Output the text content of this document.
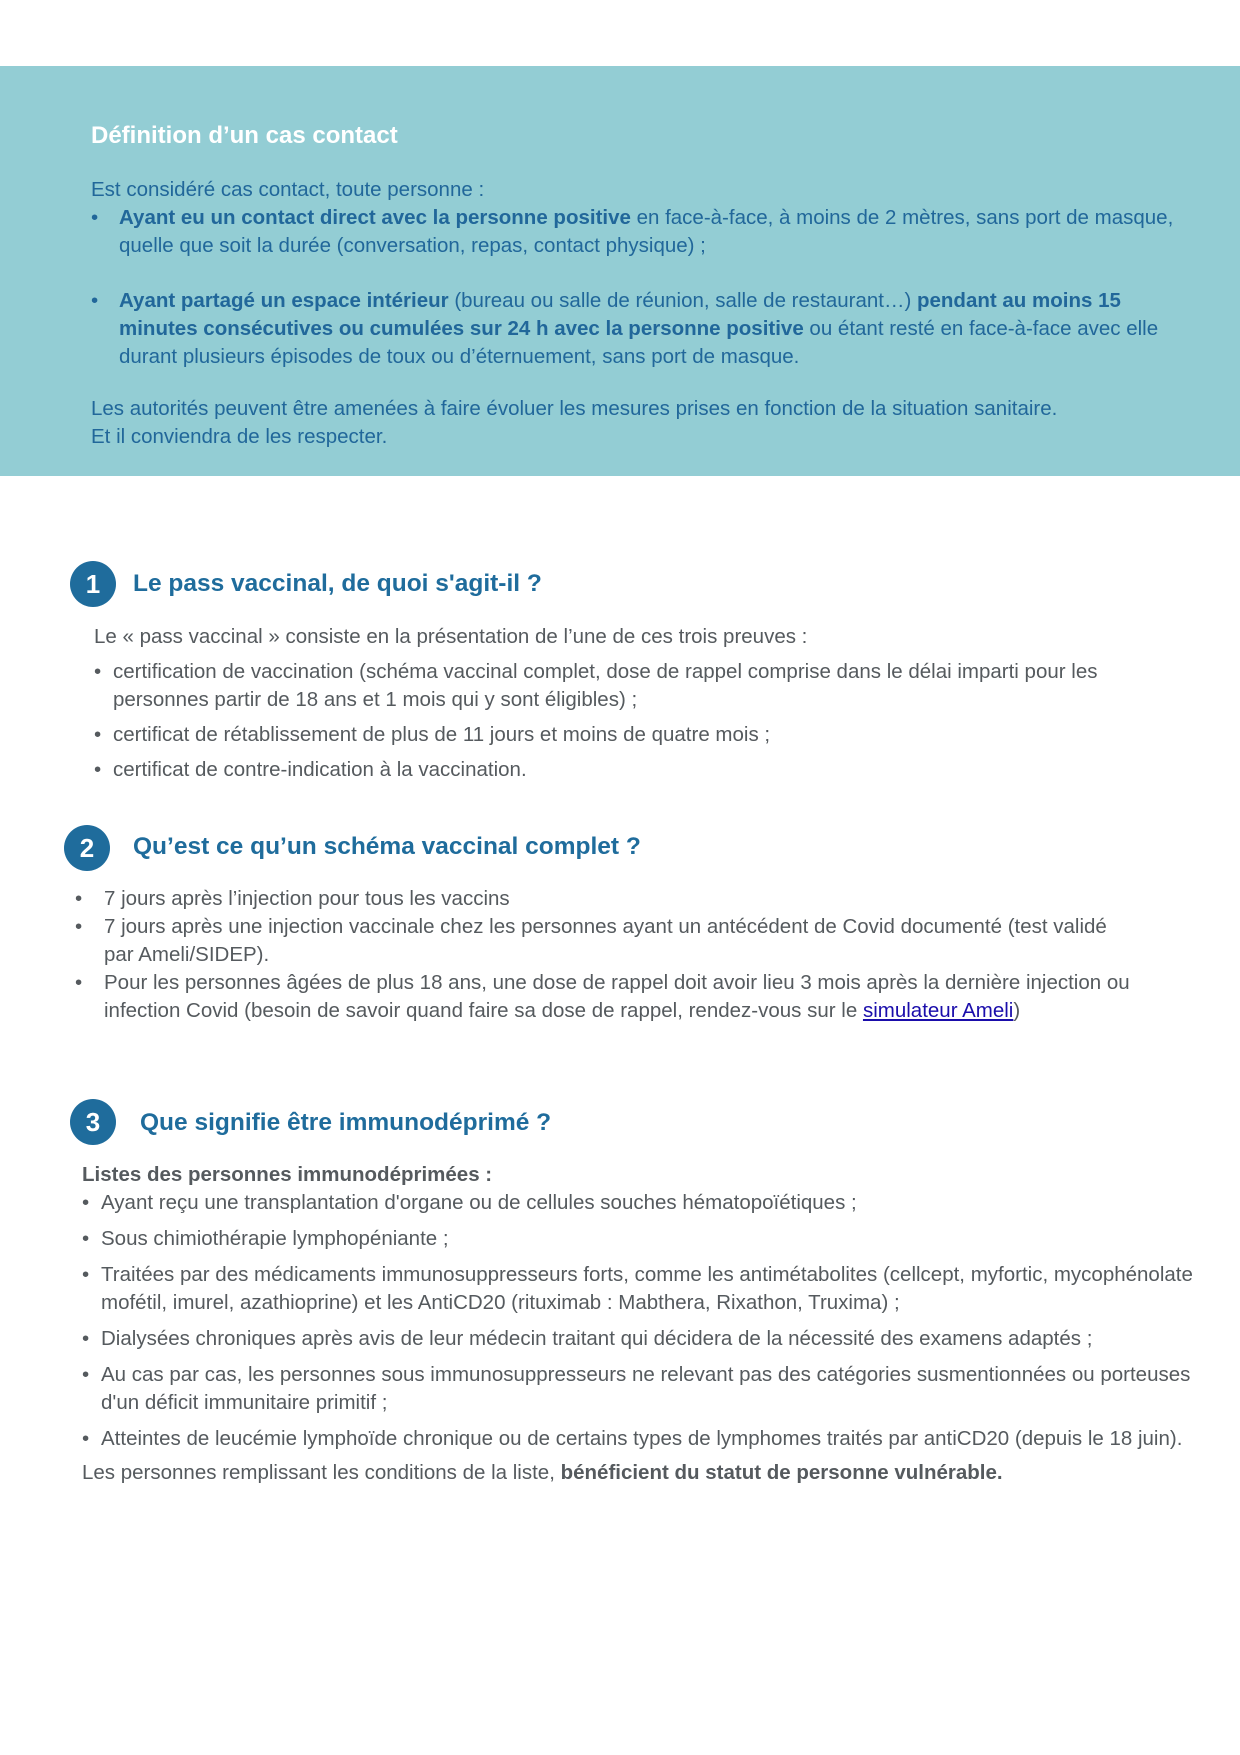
Définition d’un cas contact

Est considéré cas contact, toute personne :

• Ayant eu un contact direct avec la personne positive en face-à-face, à moins de 2 mètres, sans port de masque, quelle que soit la durée (conversation, repas, contact physique) ;
• Ayant partagé un espace intérieur (bureau ou salle de réunion, salle de restaurant…) pendant au moins 15 minutes consécutives ou cumulées sur 24 h avec la personne positive ou étant resté en face-à-face avec elle durant plusieurs épisodes de toux ou d’éternuement, sans port de masque.

Les autorités peuvent être amenées à faire évoluer les mesures prises en fonction de la situation sanitaire.
Et il conviendra de les respecter.

1	Le pass vaccinal, de quoi s'agit-il ?

Le « pass vaccinal » consiste en la présentation de l’une de ces trois preuves :

• certification de vaccination (schéma vaccinal complet, dose de rappel comprise dans le délai imparti pour les personnes partir de 18 ans et 1 mois qui y sont éligibles) ;
• certificat de rétablissement de plus de 11 jours et moins de quatre mois ;
• certificat de contre-indication à la vaccination.
2	Qu’est ce qu’un schéma vaccinal complet ?
• 7 jours après l’injection pour tous les vaccins
• 7 jours après une injection vaccinale chez les personnes ayant un antécédent de Covid documenté (test validé par Ameli/SIDEP).
• Pour les personnes âgées de plus 18 ans, une dose de rappel doit avoir lieu 3 mois après la dernière injection ou infection Covid (besoin de savoir quand faire sa dose de rappel, rendez-vous sur le simulateur Ameli)
3	Que signifie être immunodéprimé ?

Listes des personnes immunodéprimées :

• Ayant reçu une transplantation d'organe ou de cellules souches hématopoïétiques ;
• Sous chimiothérapie lymphopéniante ;
• Traitées par des médicaments immunosuppresseurs forts, comme les antimétabolites (cellcept, myfortic, mycophénolate mofétil, imurel, azathioprine) et les AntiCD20 (rituximab : Mabthera, Rixathon, Truxima) ;
• Dialysées chroniques après avis de leur médecin traitant qui décidera de la nécessité des examens adaptés ;
• Au cas par cas, les personnes sous immunosuppresseurs ne relevant pas des catégories susmentionnées ou porteuses d'un déficit immunitaire primitif ;
• Atteintes de leucémie lymphoïde chronique ou de certains types de lymphomes traités par antiCD20 (depuis le 18 juin).

Les personnes remplissant les conditions de la liste, bénéficient du statut de personne vulnérable.
